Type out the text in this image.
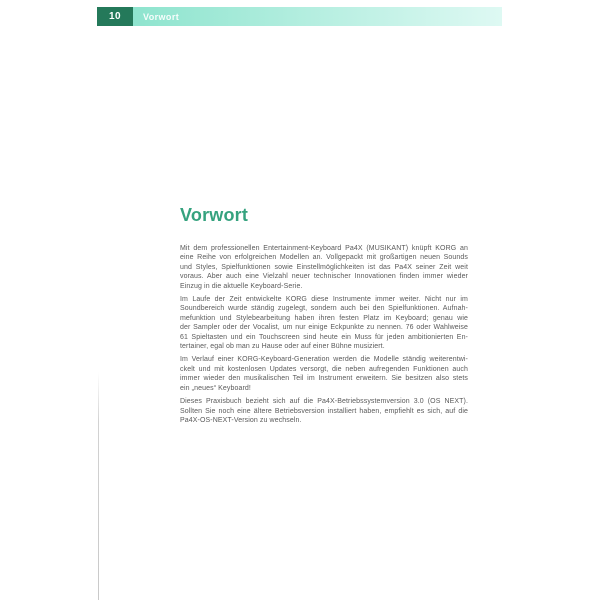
10 Vorwort
Vorwort
Mit dem professionellen Entertainment-Keyboard Pa4X (MUSIKANT) knüpft KORG an
eine Reihe von erfolgreichen Modellen an. Vollgepackt mit großartigen neuen Sounds
und Styles, Spielfunktionen sowie Einstellmöglichkeiten ist das Pa4X seiner Zeit weit
voraus. Aber auch eine Vielzahl neuer technischer Innovationen finden immer wieder
Einzug in die aktuelle Keyboard-Serie.
Im Laufe der Zeit entwickelte KORG diese Instrumente immer weiter. Nicht nur im
Soundbereich wurde ständig zugelegt, sondern auch bei den Spielfunktionen. Aufnah-
mefunktion und Stylebearbeitung haben ihren festen Platz im Keyboard; genau wie
der Sampler oder der Vocalist, um nur einige Eckpunkte zu nennen. 76 oder Wahlweise
61 Spieltasten und ein Touchscreen sind heute ein Muss für jeden ambitionierten En-
tertainer, egal ob man zu Hause oder auf einer Bühne musiziert.
Im Verlauf einer KORG-Keyboard-Generation werden die Modelle ständig weiterentwi-
ckelt und mit kostenlosen Updates versorgt, die neben aufregenden Funktionen auch
immer wieder den musikalischen Teil im Instrument erweitern. Sie besitzen also stets
ein „neues“ Keyboard!
Dieses Praxisbuch bezieht sich auf die Pa4X-Betriebssystemversion 3.0 (OS NEXT).
Sollten Sie noch eine ältere Betriebsversion installiert haben, empfiehlt es sich, auf die
Pa4X-OS-NEXT-Version zu wechseln.
